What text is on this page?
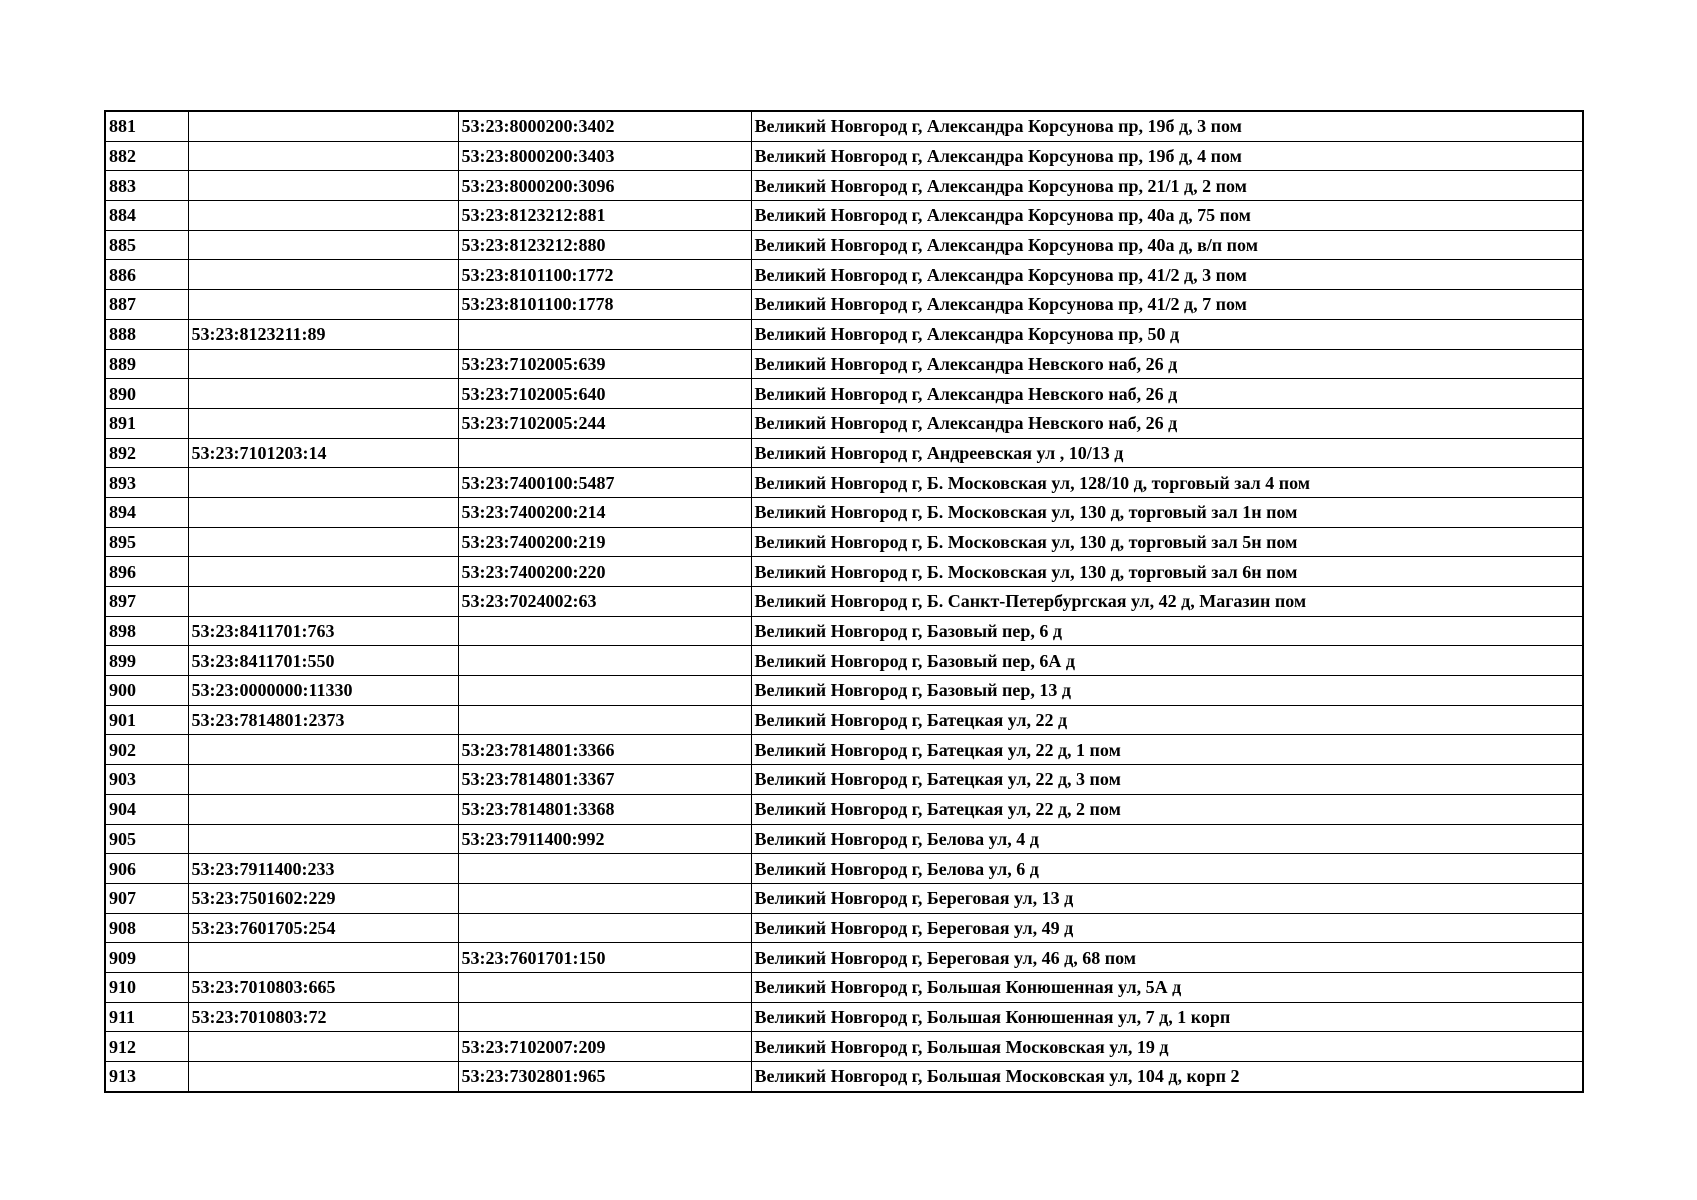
881		53:23:8000200:3402	Великий Новгород г, Александра Корсунова пр, 19б д, 3 пом
882		53:23:8000200:3403	Великий Новгород г, Александра Корсунова пр, 19б д, 4 пом
883		53:23:8000200:3096	Великий Новгород г, Александра Корсунова пр, 21/1 д, 2 пом
884		53:23:8123212:881	Великий Новгород г, Александра Корсунова пр, 40а д, 75 пом
885		53:23:8123212:880	Великий Новгород г, Александра Корсунова пр, 40а д, в/п пом
886		53:23:8101100:1772	Великий Новгород г, Александра Корсунова пр, 41/2 д, 3 пом
887		53:23:8101100:1778	Великий Новгород г, Александра Корсунова пр, 41/2 д, 7 пом
888	53:23:8123211:89		Великий Новгород г, Александра Корсунова пр, 50 д
889		53:23:7102005:639	Великий Новгород г, Александра Невского наб, 26 д
890		53:23:7102005:640	Великий Новгород г, Александра Невского наб, 26 д
891		53:23:7102005:244	Великий Новгород г, Александра Невского наб, 26 д
892	53:23:7101203:14		Великий Новгород г, Андреевская ул , 10/13 д
893		53:23:7400100:5487	Великий Новгород г, Б. Московская ул, 128/10 д, торговый зал 4 пом
894		53:23:7400200:214	Великий Новгород г, Б. Московская ул, 130 д, торговый зал 1н пом
895		53:23:7400200:219	Великий Новгород г, Б. Московская ул, 130 д, торговый зал 5н пом
896		53:23:7400200:220	Великий Новгород г, Б. Московская ул, 130 д, торговый зал 6н пом
897		53:23:7024002:63	Великий Новгород г, Б. Санкт-Петербургская ул, 42 д, Магазин пом
898	53:23:8411701:763		Великий Новгород г, Базовый пер, 6 д
899	53:23:8411701:550		Великий Новгород г, Базовый пер, 6А д
900	53:23:0000000:11330		Великий Новгород г, Базовый пер, 13 д
901	53:23:7814801:2373		Великий Новгород г, Батецкая ул, 22 д
902		53:23:7814801:3366	Великий Новгород г, Батецкая ул, 22 д, 1 пом
903		53:23:7814801:3367	Великий Новгород г, Батецкая ул, 22 д, 3 пом
904		53:23:7814801:3368	Великий Новгород г, Батецкая ул, 22 д, 2 пом
905		53:23:7911400:992	Великий Новгород г, Белова ул, 4 д
906	53:23:7911400:233		Великий Новгород г, Белова ул, 6 д
907	53:23:7501602:229		Великий Новгород г, Береговая ул, 13 д
908	53:23:7601705:254		Великий Новгород г, Береговая ул, 49 д
909		53:23:7601701:150	Великий Новгород г, Береговая ул, 46 д, 68 пом
910	53:23:7010803:665		Великий Новгород г, Большая Конюшенная ул, 5А д
911	53:23:7010803:72		Великий Новгород г, Большая Конюшенная ул, 7 д, 1 корп
912		53:23:7102007:209	Великий Новгород г, Большая Московская ул, 19 д
913		53:23:7302801:965	Великий Новгород г, Большая Московская ул, 104 д, корп 2
